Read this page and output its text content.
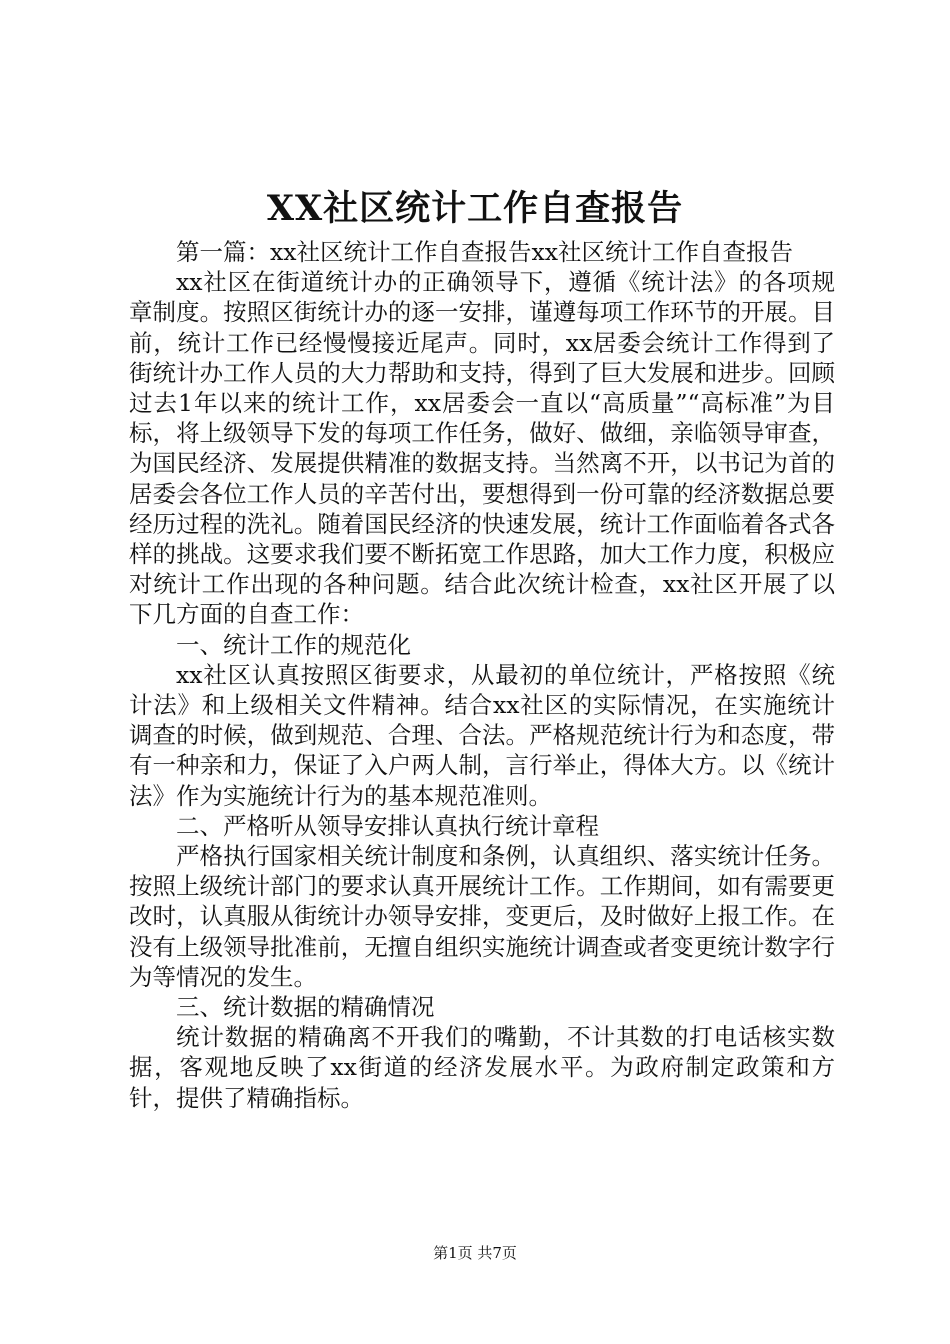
XX社区统计工作自查报告

第一篇：xx社区统计工作自查报告xx社区统计工作自查报告

xx社区在街道统计办的正确领导下，遵循《统计法》的各项规章制度。按照区街统计办的逐一安排，谨遵每项工作环节的开展。目前，统计工作已经慢慢接近尾声。同时，xx居委会统计工作得到了街统计办工作人员的大力帮助和支持，得到了巨大发展和进步。回顾过去1年以来的统计工作，xx居委会一直以“高质量”“高标准”为目标，将上级领导下发的每项工作任务，做好、做细，亲临领导审查，为国民经济、发展提供精准的数据支持。当然离不开，以书记为首的居委会各位工作人员的辛苦付出，要想得到一份可靠的经济数据总要经历过程的洗礼。随着国民经济的快速发展，统计工作面临着各式各样的挑战。这要求我们要不断拓宽工作思路，加大工作力度，积极应对统计工作出现的各种问题。结合此次统计检查，xx社区开展了以下几方面的自查工作：

一、统计工作的规范化

xx社区认真按照区街要求，从最初的单位统计，严格按照《统计法》和上级相关文件精神。结合xx社区的实际情况，在实施统计调查的时候，做到规范、合理、合法。严格规范统计行为和态度，带有一种亲和力，保证了入户两人制，言行举止，得体大方。以《统计法》作为实施统计行为的基本规范准则。

二、严格听从领导安排认真执行统计章程

严格执行国家相关统计制度和条例，认真组织、落实统计任务。按照上级统计部门的要求认真开展统计工作。工作期间，如有需要更改时，认真服从街统计办领导安排，变更后，及时做好上报工作。在没有上级领导批准前，无擅自组织实施统计调查或者变更统计数字行为等情况的发生。

三、统计数据的精确情况

统计数据的精确离不开我们的嘴勤，不计其数的打电话核实数据，客观地反映了xx街道的经济发展水平。为政府制定政策和方针，提供了精确指标。

第1页 共7页
